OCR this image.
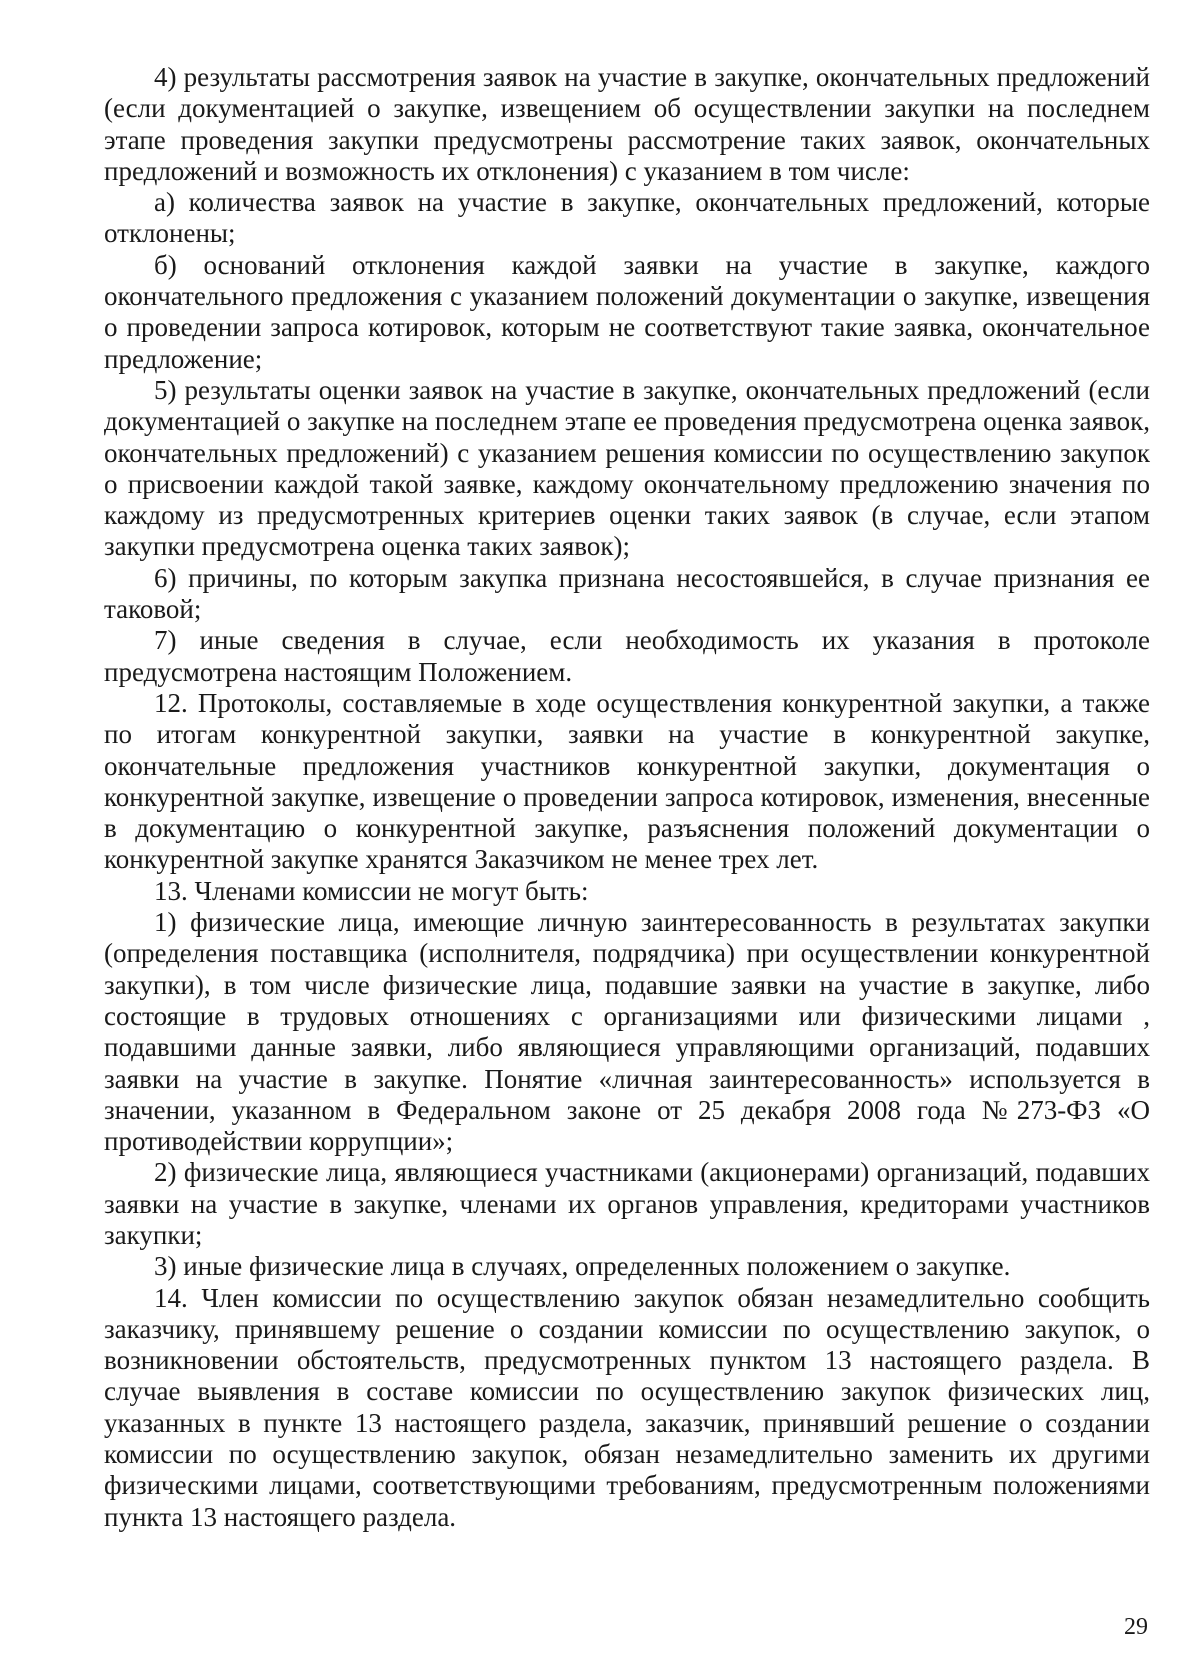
4) результаты рассмотрения заявок на участие в закупке, окончательных предложений (если документацией о закупке, извещением об осуществлении закупки на последнем этапе проведения закупки предусмотрены рассмотрение таких заявок, окончательных предложений и возможность их отклонения) с указанием в том числе:

а) количества заявок на участие в закупке, окончательных предложений, которые отклонены;

б) оснований отклонения каждой заявки на участие в закупке, каждого окончательного предложения с указанием положений документации о закупке, извещения о проведении запроса котировок, которым не соответствуют такие заявка, окончательное предложение;

5) результаты оценки заявок на участие в закупке, окончательных предложений (если документацией о закупке на последнем этапе ее проведения предусмотрена оценка заявок, окончательных предложений) с указанием решения комиссии по осуществлению закупок о присвоении каждой такой заявке, каждому окончательному предложению значения по каждому из предусмотренных критериев оценки таких заявок (в случае, если этапом закупки предусмотрена оценка таких заявок);

6) причины, по которым закупка признана несостоявшейся, в случае признания ее таковой;

7) иные сведения в случае, если необходимость их указания в протоколе предусмотрена настоящим Положением.

12. Протоколы, составляемые в ходе осуществления конкурентной закупки, а также по итогам конкурентной закупки, заявки на участие в конкурентной закупке, окончательные предложения участников конкурентной закупки, документация о конкурентной закупке, извещение о проведении запроса котировок, изменения, внесенные в документацию о конкурентной закупке, разъяснения положений документации о конкурентной закупке хранятся Заказчиком не менее трех лет.

13. Членами комиссии не могут быть:

1) физические лица, имеющие личную заинтересованность в результатах закупки (определения поставщика (исполнителя, подрядчика) при осуществлении конкурентной закупки), в том числе физические лица, подавшие заявки на участие в закупке, либо состоящие в трудовых отношениях с организациями или физическими лицами , подавшими данные заявки, либо являющиеся управляющими организаций, подавших заявки на участие в закупке. Понятие «личная заинтересованность» используется в значении, указанном в Федеральном законе от 25 декабря 2008 года №273-ФЗ «О противодействии коррупции»;

2) физические лица, являющиеся участниками (акционерами) организаций, подавших заявки на участие в закупке, членами их органов управления, кредиторами участников закупки;

3) иные физические лица в случаях, определенных положением о закупке.

14. Член комиссии по осуществлению закупок обязан незамедлительно сообщить заказчику, принявшему решение о создании комиссии по осуществлению закупок, о возникновении обстоятельств, предусмотренных пунктом 13 настоящего раздела. В случае выявления в составе комиссии по осуществлению закупок физических лиц, указанных в пункте 13 настоящего раздела, заказчик, принявший решение о создании комиссии по осуществлению закупок, обязан незамедлительно заменить их другими физическими лицами, соответствующими требованиям, предусмотренным положениями пункта 13 настоящего раздела.

29
